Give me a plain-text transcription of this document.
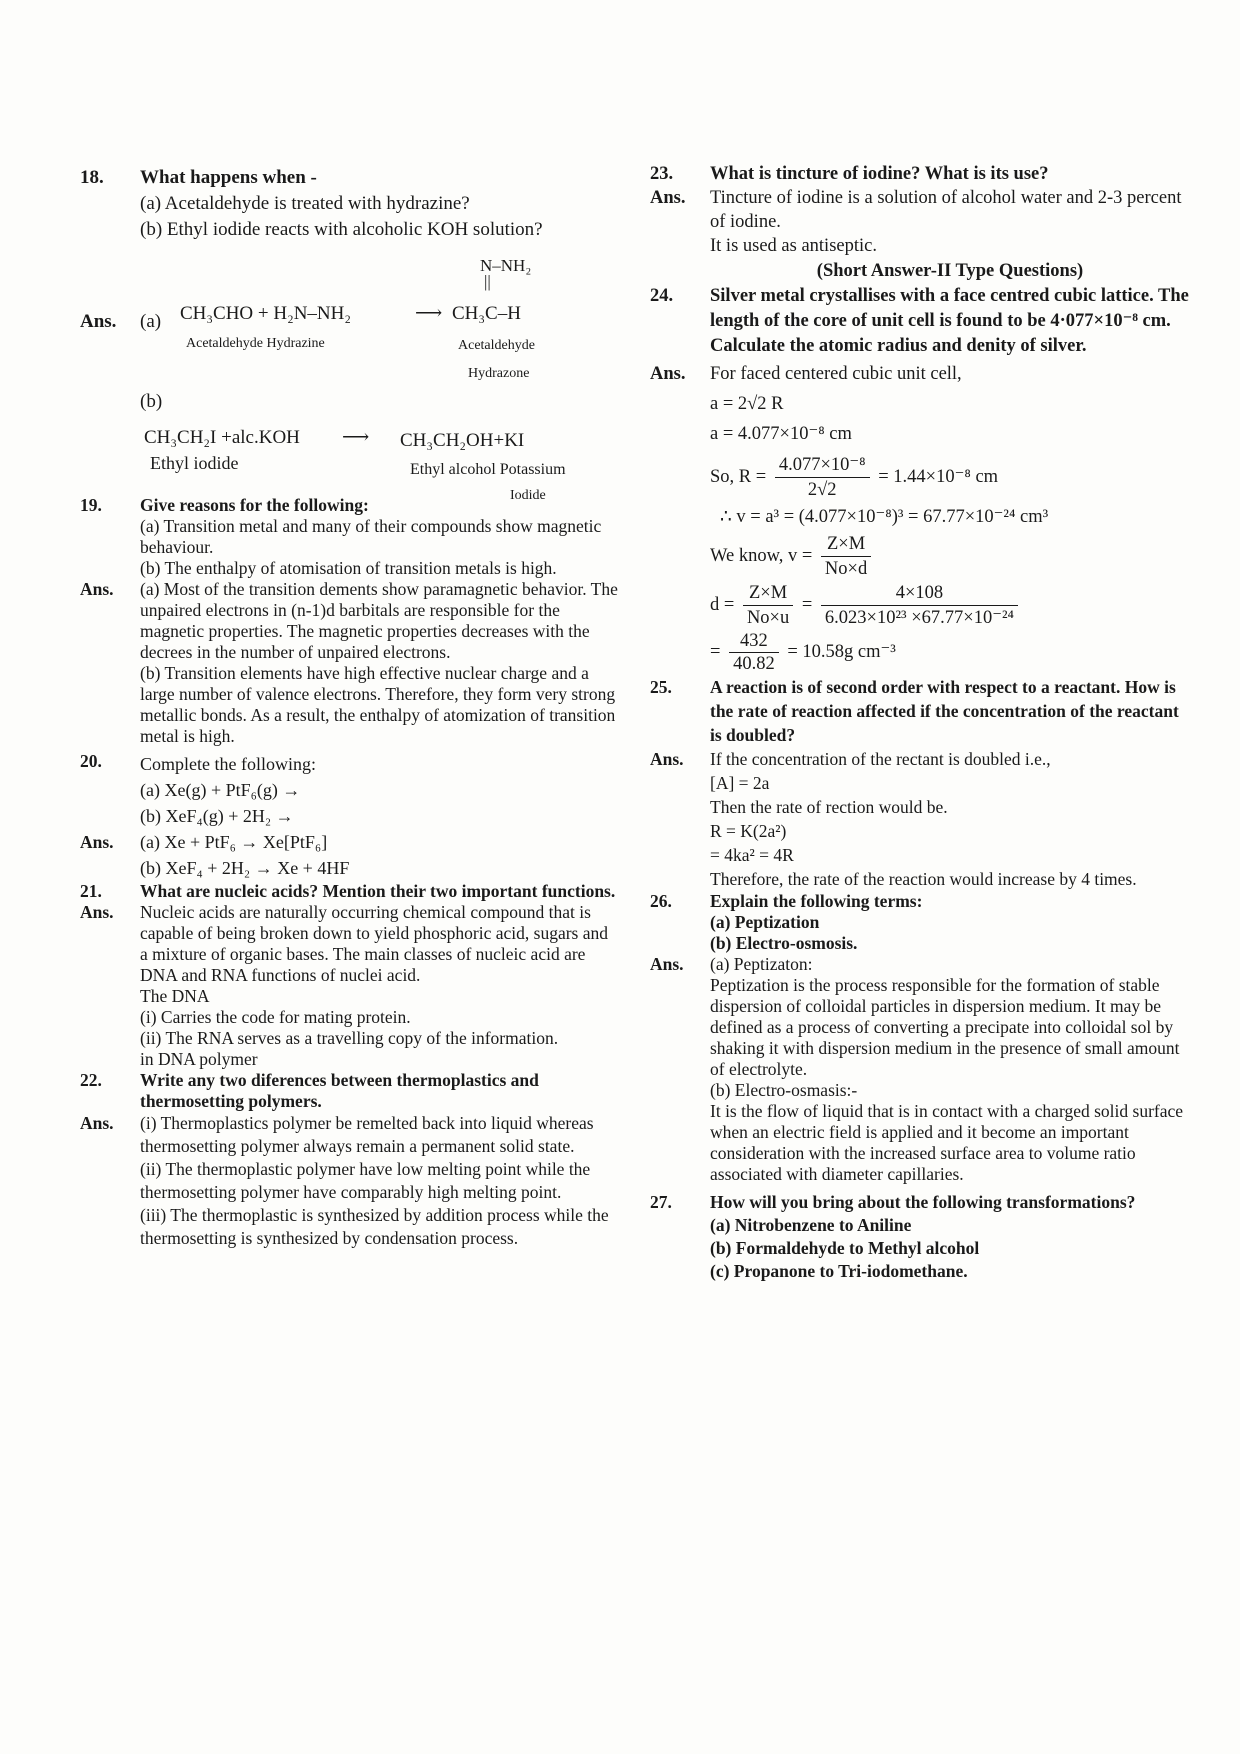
18. What happens when -

(a) Acetaldehyde is treated with hydrazine?

(b) Ethyl iodide reacts with alcoholic KOH solution?

N–NH₂
||
Ans. (a) CH₃CHO + H₂N–NH₂	⟶ CH₃C–H
Acetaldehyde Hydrazine	Acetaldehyde
Hydrazone
(b)
CH₃CH₂I +alc.KOH ⟶ CH₃CH₂OH+KI
Ethyl iodide	Ethyl alcohol Potassium
Iodide
19. Give reasons for the following:

(a) Transition metal and many of their compounds show magnetic behaviour.

(b) The enthalpy of atomisation of transition metals is high.

Ans. (a) Most of the transition dements show paramagnetic behavior. The unpaired electrons in (n-1)d barbitals are responsible for the magnetic properties. The magnetic properties decreases with the decrees in the number of unpaired electrons.

(b) Transition elements have high effective nuclear charge and a large number of valence electrons. Therefore, they form very strong metallic bonds. As a result, the enthalpy of atomization of transition metal is high.

20. Complete the following:

(a) Xe(g) + PtF₆(g) →

(b) XeF₄(g) + 2H₂ →

Ans. (a) Xe + PtF₆ → Xe[PtF₆]

(b) XeF₄ + 2H₂ → Xe + 4HF

21. What are nucleic acids? Mention their two important functions.

Ans. Nucleic acids are naturally occurring chemical compound that is capable of being broken down to yield phosphoric acid, sugars and a mixture of organic bases. The main classes of nucleic acid are DNA and RNA functions of nuclei acid.

The DNA

(i) Carries the code for mating protein.

(ii) The RNA serves as a travelling copy of the information.

in DNA polymer

22. Write any two diferences between thermoplastics and thermosetting polymers.

Ans. (i) Thermoplastics polymer be remelted back into liquid whereas thermosetting polymer always remain a permanent solid state.

(ii) The thermoplastic polymer have low melting point while the thermosetting polymer have comparably high melting point.

(iii) The thermoplastic is synthesized by addition process while the thermosetting is synthesized by condensation process.

23. What is tincture of iodine? What is its use?

Ans. Tincture of iodine is a solution of alcohol water and 2-3 percent of iodine.

It is used as antiseptic.

(Short Answer-II Type Questions)

24. Silver metal crystallises with a face centred cubic lattice. The length of the core of unit cell is found to be 4·077×10⁻⁸ cm. Calculate the atomic radius and denity of silver.

Ans. For faced centered cubic unit cell,

a = 2√2 R

a = 4.077×10⁻⁸ cm

So, $R = \frac{\text{4.077×10⁻⁸}}{2√2} = 1.44\times 10^{-8}$ cm

∴ v = a³ = (4.077×10⁻⁸)³ = 67.77×10⁻²⁴ cm³

We know, $v = \frac{Z\times M}{No\times d}$

$d = \frac{Z\times M}{No\times u} = \frac{4\times 108}{\text{6.023×10²³ ×67.77×10⁻²⁴}}$

= $\frac{432}{40.82} = 10.58g$ cm⁻³

25. A reaction is of second order with respect to a reactant. How is the rate of reaction affected if the concentration of the reactant is doubled?

Ans. If the concentration of the rectant is doubled i.e.,

[A] = 2a

Then the rate of rection would be.

R = K(2a²)

= 4ka² = 4R

Therefore, the rate of the reaction would increase by 4 times.

26. Explain the following terms:

(a) Peptization

(b) Electro-osmosis.

Ans. (a) Peptizaton:

Peptization is the process responsible for the formation of stable dispersion of colloidal particles in dispersion medium. It may be defined as a process of converting a precipate into colloidal sol by shaking it with dispersion medium in the presence of small amount of electrolyte.

(b) Electro-osmasis:-

It is the flow of liquid that is in contact with a charged solid surface when an electric field is applied and it become an important consideration with the increased surface area to volume ratio associated with diameter capillaries.

27. How will you bring about the following transformations?

(a) Nitrobenzene to Aniline

(b) Formaldehyde to Methyl alcohol

(c) Propanone to Tri-iodomethane.
